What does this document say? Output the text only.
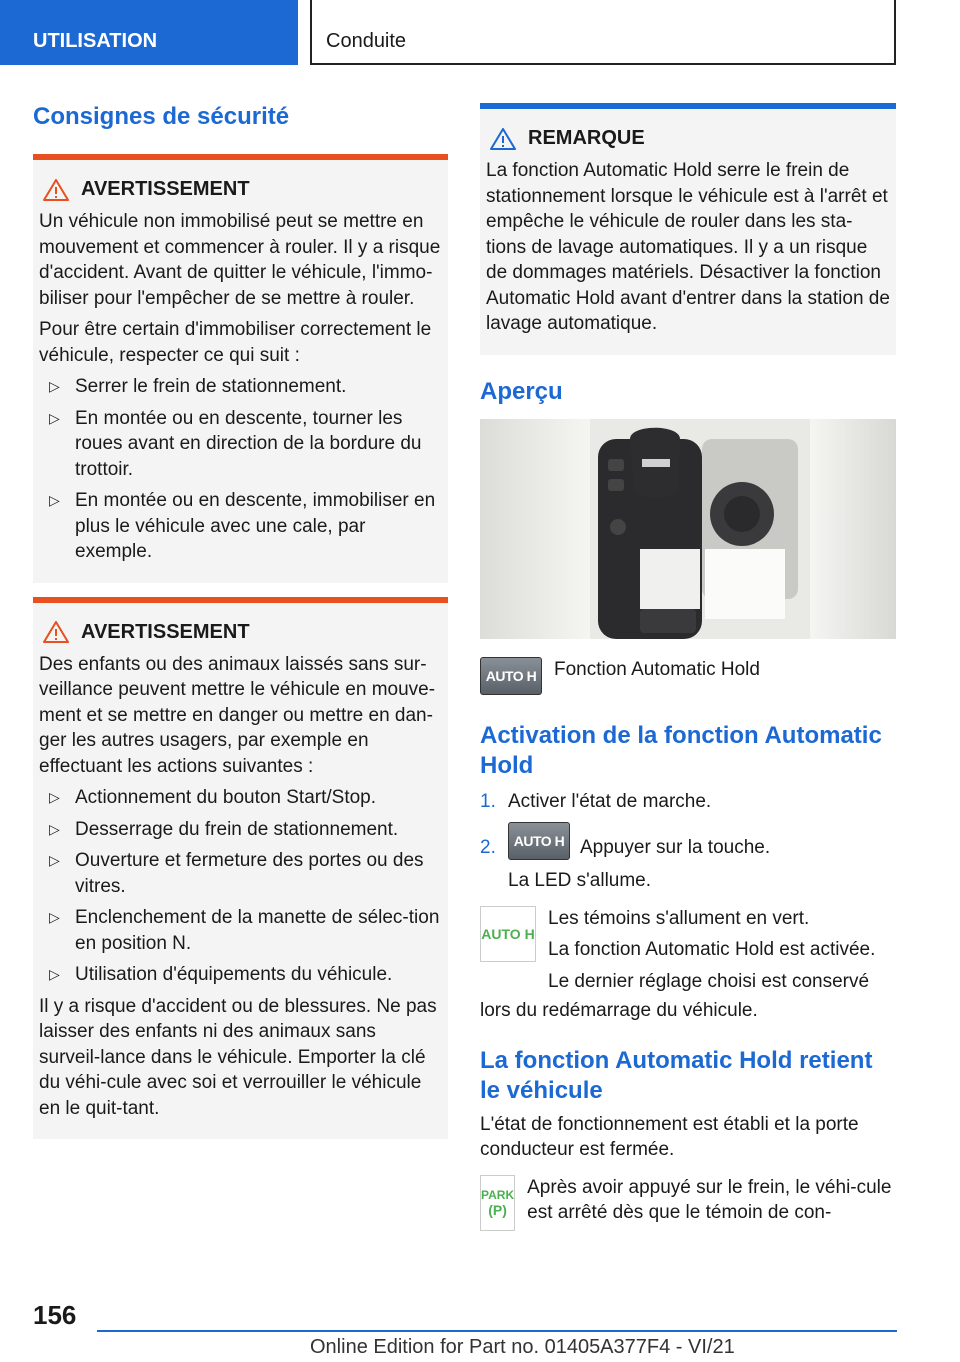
UTILISATION	Conduite
Consignes de sécurité
AVERTISSEMENT

Un véhicule non immobilisé peut se mettre en mouvement et commencer à rouler. Il y a risque d'accident. Avant de quitter le véhicule, l'immo-biliser pour l'empêcher de se mettre à rouler.

Pour être certain d'immobiliser correctement le véhicule, respecter ce qui suit :

▷ Serrer le frein de stationnement.
▷ En montée ou en descente, tourner les roues avant en direction de la bordure du trottoir.
▷ En montée ou en descente, immobiliser en plus le véhicule avec une cale, par exemple.
AVERTISSEMENT

Des enfants ou des animaux laissés sans sur-veillance peuvent mettre le véhicule en mouve-ment et se mettre en danger ou mettre en dan-ger les autres usagers, par exemple en effectuant les actions suivantes :

▷ Actionnement du bouton Start/Stop.
▷ Desserrage du frein de stationnement.
▷ Ouverture et fermeture des portes ou des vitres.
▷ Enclenchement de la manette de sélec-tion en position N.
▷ Utilisation d'équipements du véhicule.

Il y a risque d'accident ou de blessures. Ne pas laisser des enfants ni des animaux sans surveil-lance dans le véhicule. Emporter la clé du véhi-cule avec soi et verrouiller le véhicule en le quit-tant.

REMARQUE

La fonction Automatic Hold serre le frein de stationnement lorsque le véhicule est à l'arrêt et empêche le véhicule de rouler dans les sta-tions de lavage automatiques. Il y a un risque de dommages matériels. Désactiver la fonction Automatic Hold avant d'entrer dans la station de lavage automatique.

Aperçu
AUTO H Fonction Automatic Hold
Activation de la fonction Automatic Hold
1. Activer l'état de marche.
2.	AUTO H Appuyer sur la touche.

La LED s'allume.

AUTO H
Les témoins s'allument en vert.
La fonction Automatic Hold est activée.
Le dernier réglage choisi est conservé

lors du redémarrage du véhicule.

La fonction Automatic Hold retient le véhicule

L'état de fonctionnement est établi et la porte conducteur est fermée.

PARK
(P)
Après avoir appuyé sur le frein, le véhi-cule est arrêté dès que le témoin de con-
156
Online Edition for Part no. 01405A377F4 - VI/21
